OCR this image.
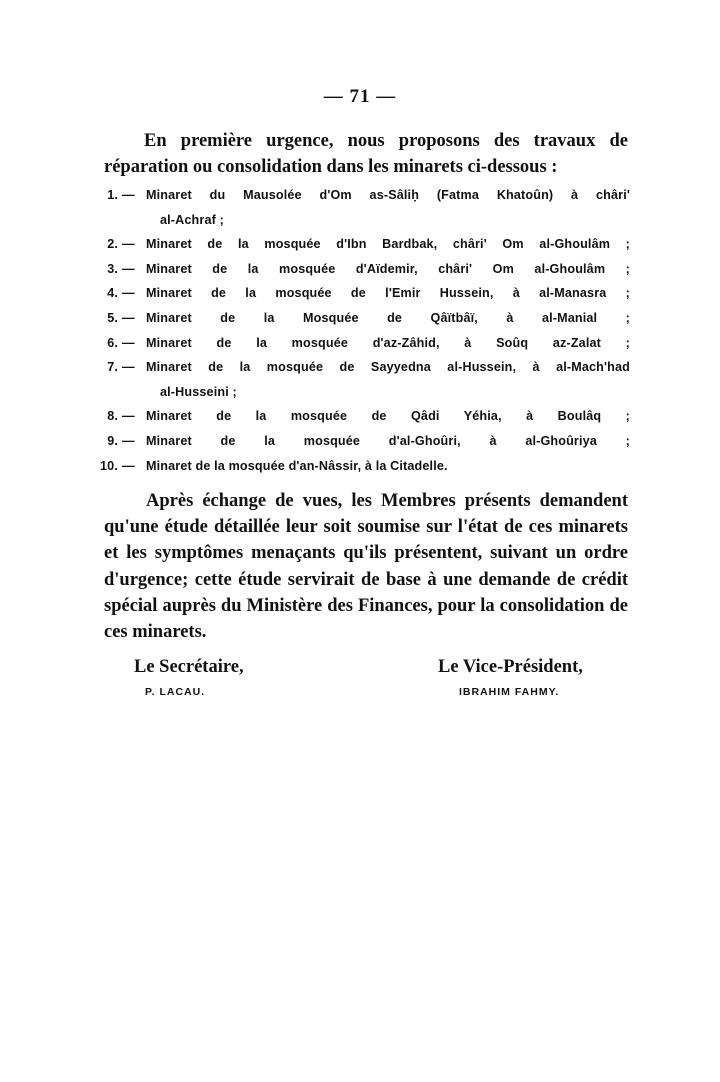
— 71 —

En première urgence, nous proposons des travaux de réparation ou consolidation dans les minarets ci-dessous :

1. — Minaret du Mausolée d'Om as-Sâliḥ (Fatma Khatoûn) à châri'
al-Achraf ;
2. — Minaret de la mosquée d'Ibn Bardbak, châri' Om al-Ghoulâm ;
3. — Minaret de la mosquée d'Aïdemir, châri' Om al-Ghoulâm ;
4. — Minaret de la mosquée de l'Emir Hussein, à al-Manasra ;
5. — Minaret de la Mosquée de Qâïtbâï, à al-Manial ;
6. — Minaret de la mosquée d'az-Zâhid, à Soûq az-Zalat ;
7. — Minaret de la mosquée de Sayyedna al-Hussein, à al-Mach'had
al-Husseini ;
8. — Minaret de la mosquée de Qâdi Yéhia, à Boulâq ;
9. — Minaret de la mosquée d'al-Ghoûri, à al-Ghoûriya ;
10. — Minaret de la mosquée d'an-Nâssir, à la Citadelle.

Après échange de vues, les Membres présents demandent qu'une étude détaillée leur soit soumise sur l'état de ces minarets et les symptômes menaçants qu'ils présentent, suivant un ordre d'urgence; cette étude servirait de base à une demande de crédit spécial auprès du Ministère des Finances, pour la consolidation de ces minarets.

Le Secrétaire,
P. LACAU.
Le Vice-Président,
IBRAHIM FAHMY.
